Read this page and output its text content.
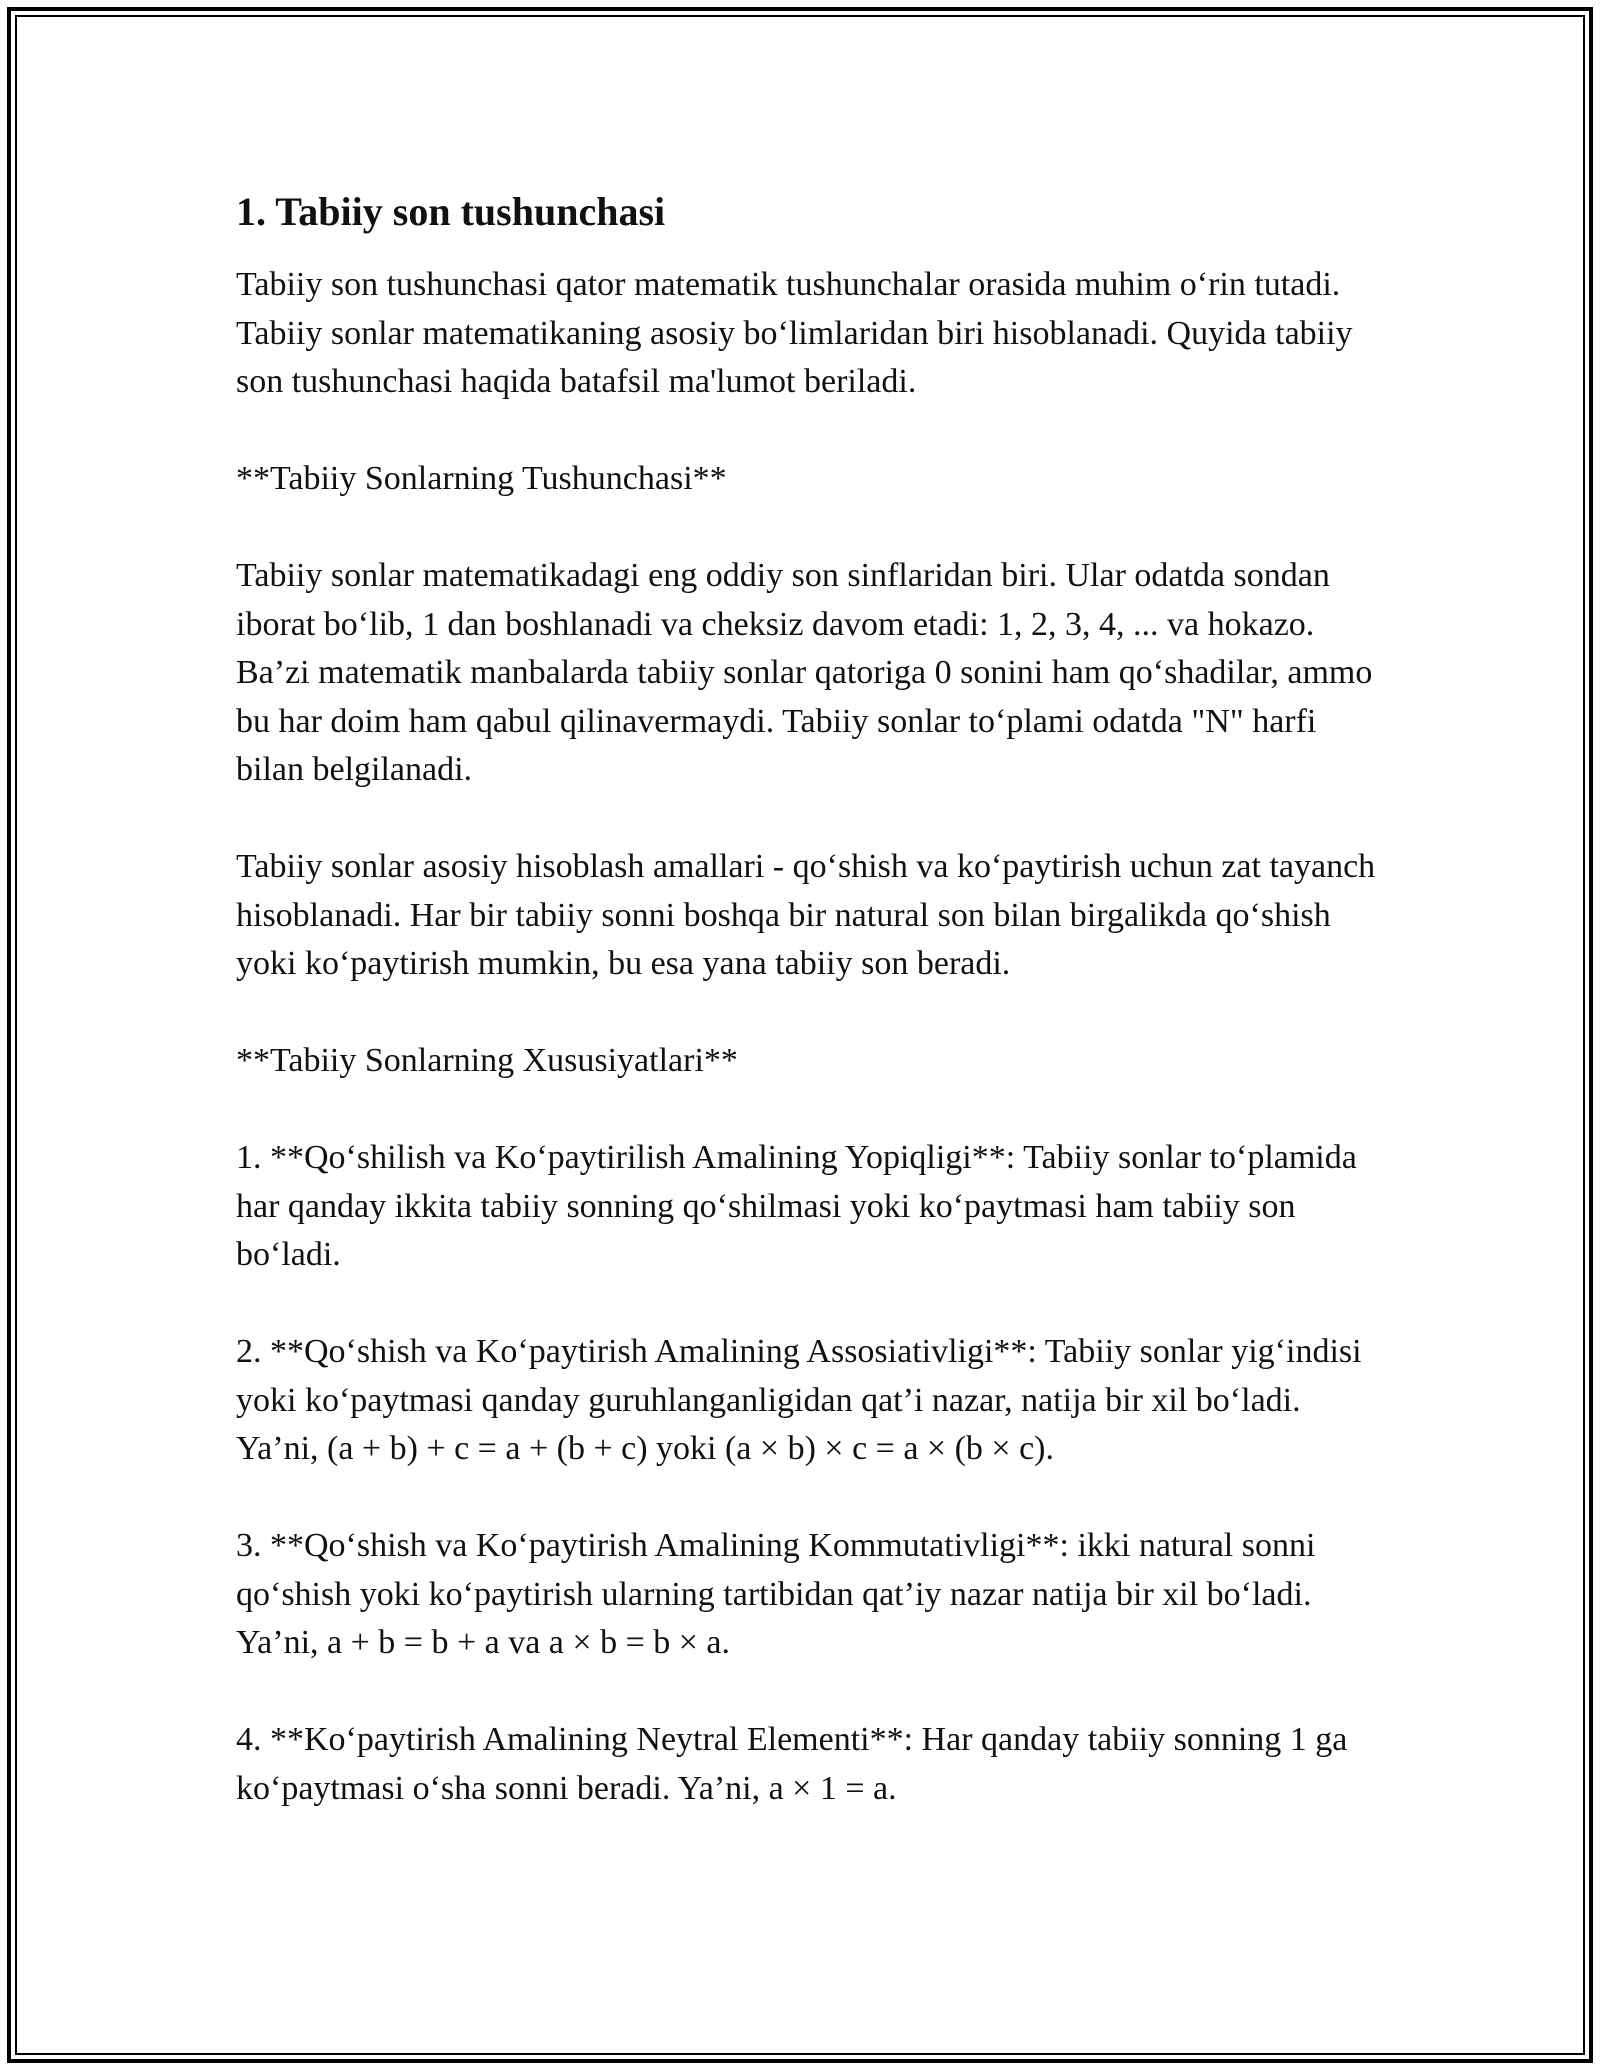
1. Tabiiy son tushunchasi

Tabiiy son tushunchasi qator matematik tushunchalar orasida muhim o‘rin tutadi. Tabiiy sonlar matematikaning asosiy bo‘limlaridan biri hisoblanadi. Quyida tabiiy son tushunchasi haqida batafsil ma'lumot beriladi.

**Tabiiy Sonlarning Tushunchasi**

Tabiiy sonlar matematikadagi eng oddiy son sinflaridan biri. Ular odatda sondan iborat bo‘lib, 1 dan boshlanadi va cheksiz davom etadi: 1, 2, 3, 4, ... va hokazo. Ba’zi matematik manbalarda tabiiy sonlar qatoriga 0 sonini ham qo‘shadilar, ammo bu har doim ham qabul qilinavermaydi. Tabiiy sonlar to‘plami odatda "N" harfi bilan belgilanadi.

Tabiiy sonlar asosiy hisoblash amallari - qo‘shish va ko‘paytirish uchun zat tayanch hisoblanadi. Har bir tabiiy sonni boshqa bir natural son bilan birgalikda qo‘shish yoki ko‘paytirish mumkin, bu esa yana tabiiy son beradi.

**Tabiiy Sonlarning Xususiyatlari**

1. **Qo‘shilish va Ko‘paytirilish Amalining Yopiqligi**: Tabiiy sonlar to‘plamida har qanday ikkita tabiiy sonning qo‘shilmasi yoki ko‘paytmasi ham tabiiy son bo‘ladi.

2. **Qo‘shish va Ko‘paytirish Amalining Assosiativligi**: Tabiiy sonlar yig‘indisi yoki ko‘paytmasi qanday guruhlanganligidan qat’i nazar, natija bir xil bo‘ladi. Ya’ni, (a + b) + c = a + (b + c) yoki (a × b) × c = a × (b × c).

3. **Qo‘shish va Ko‘paytirish Amalining Kommutativligi**: ikki natural sonni qo‘shish yoki ko‘paytirish ularning tartibidan qat’iy nazar natija bir xil bo‘ladi. Ya’ni, a + b = b + a va a × b = b × a.

4. **Ko‘paytirish Amalining Neytral Elementi**: Har qanday tabiiy sonning 1 ga ko‘paytmasi o‘sha sonni beradi. Ya’ni, a × 1 = a.
